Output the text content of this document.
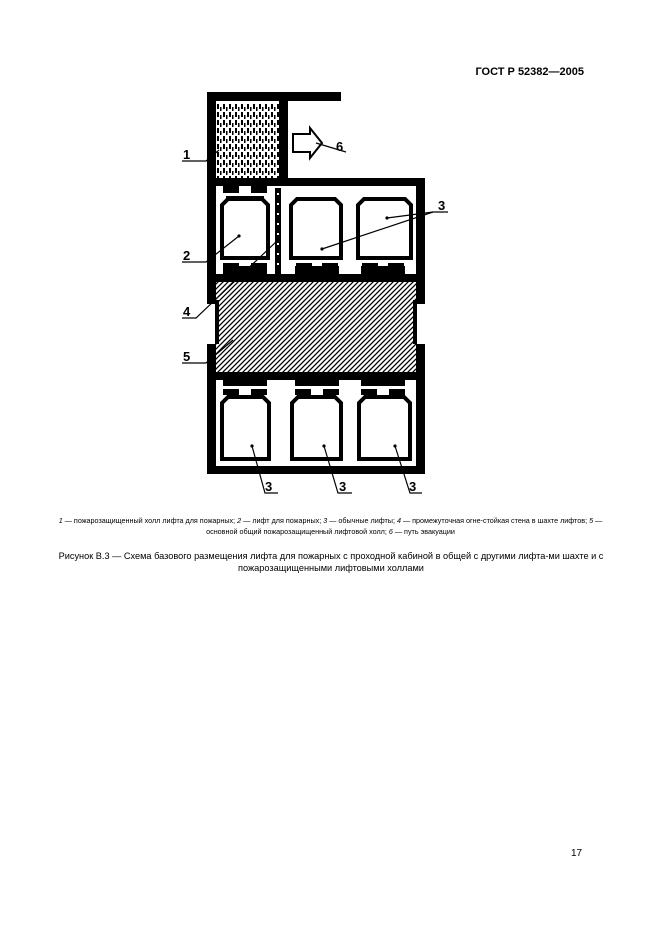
ГОСТ Р 52382—2005
1
2
4
5
6
3
3	3	3
1 — пожарозащищенный холл лифта для пожарных; 2 — лифт для пожарных; 3 — обычные лифты; 4 — промежуточная огне-стойкая стена в шахте лифтов; 5 — основной общий пожарозащищенный лифтовой холл; 6 — путь эвакуации
Рисунок В.3 — Схема базового размещения лифта для пожарных с проходной кабиной в общей с другими лифта-ми шахте и с пожарозащищенными лифтовыми холлами
17
